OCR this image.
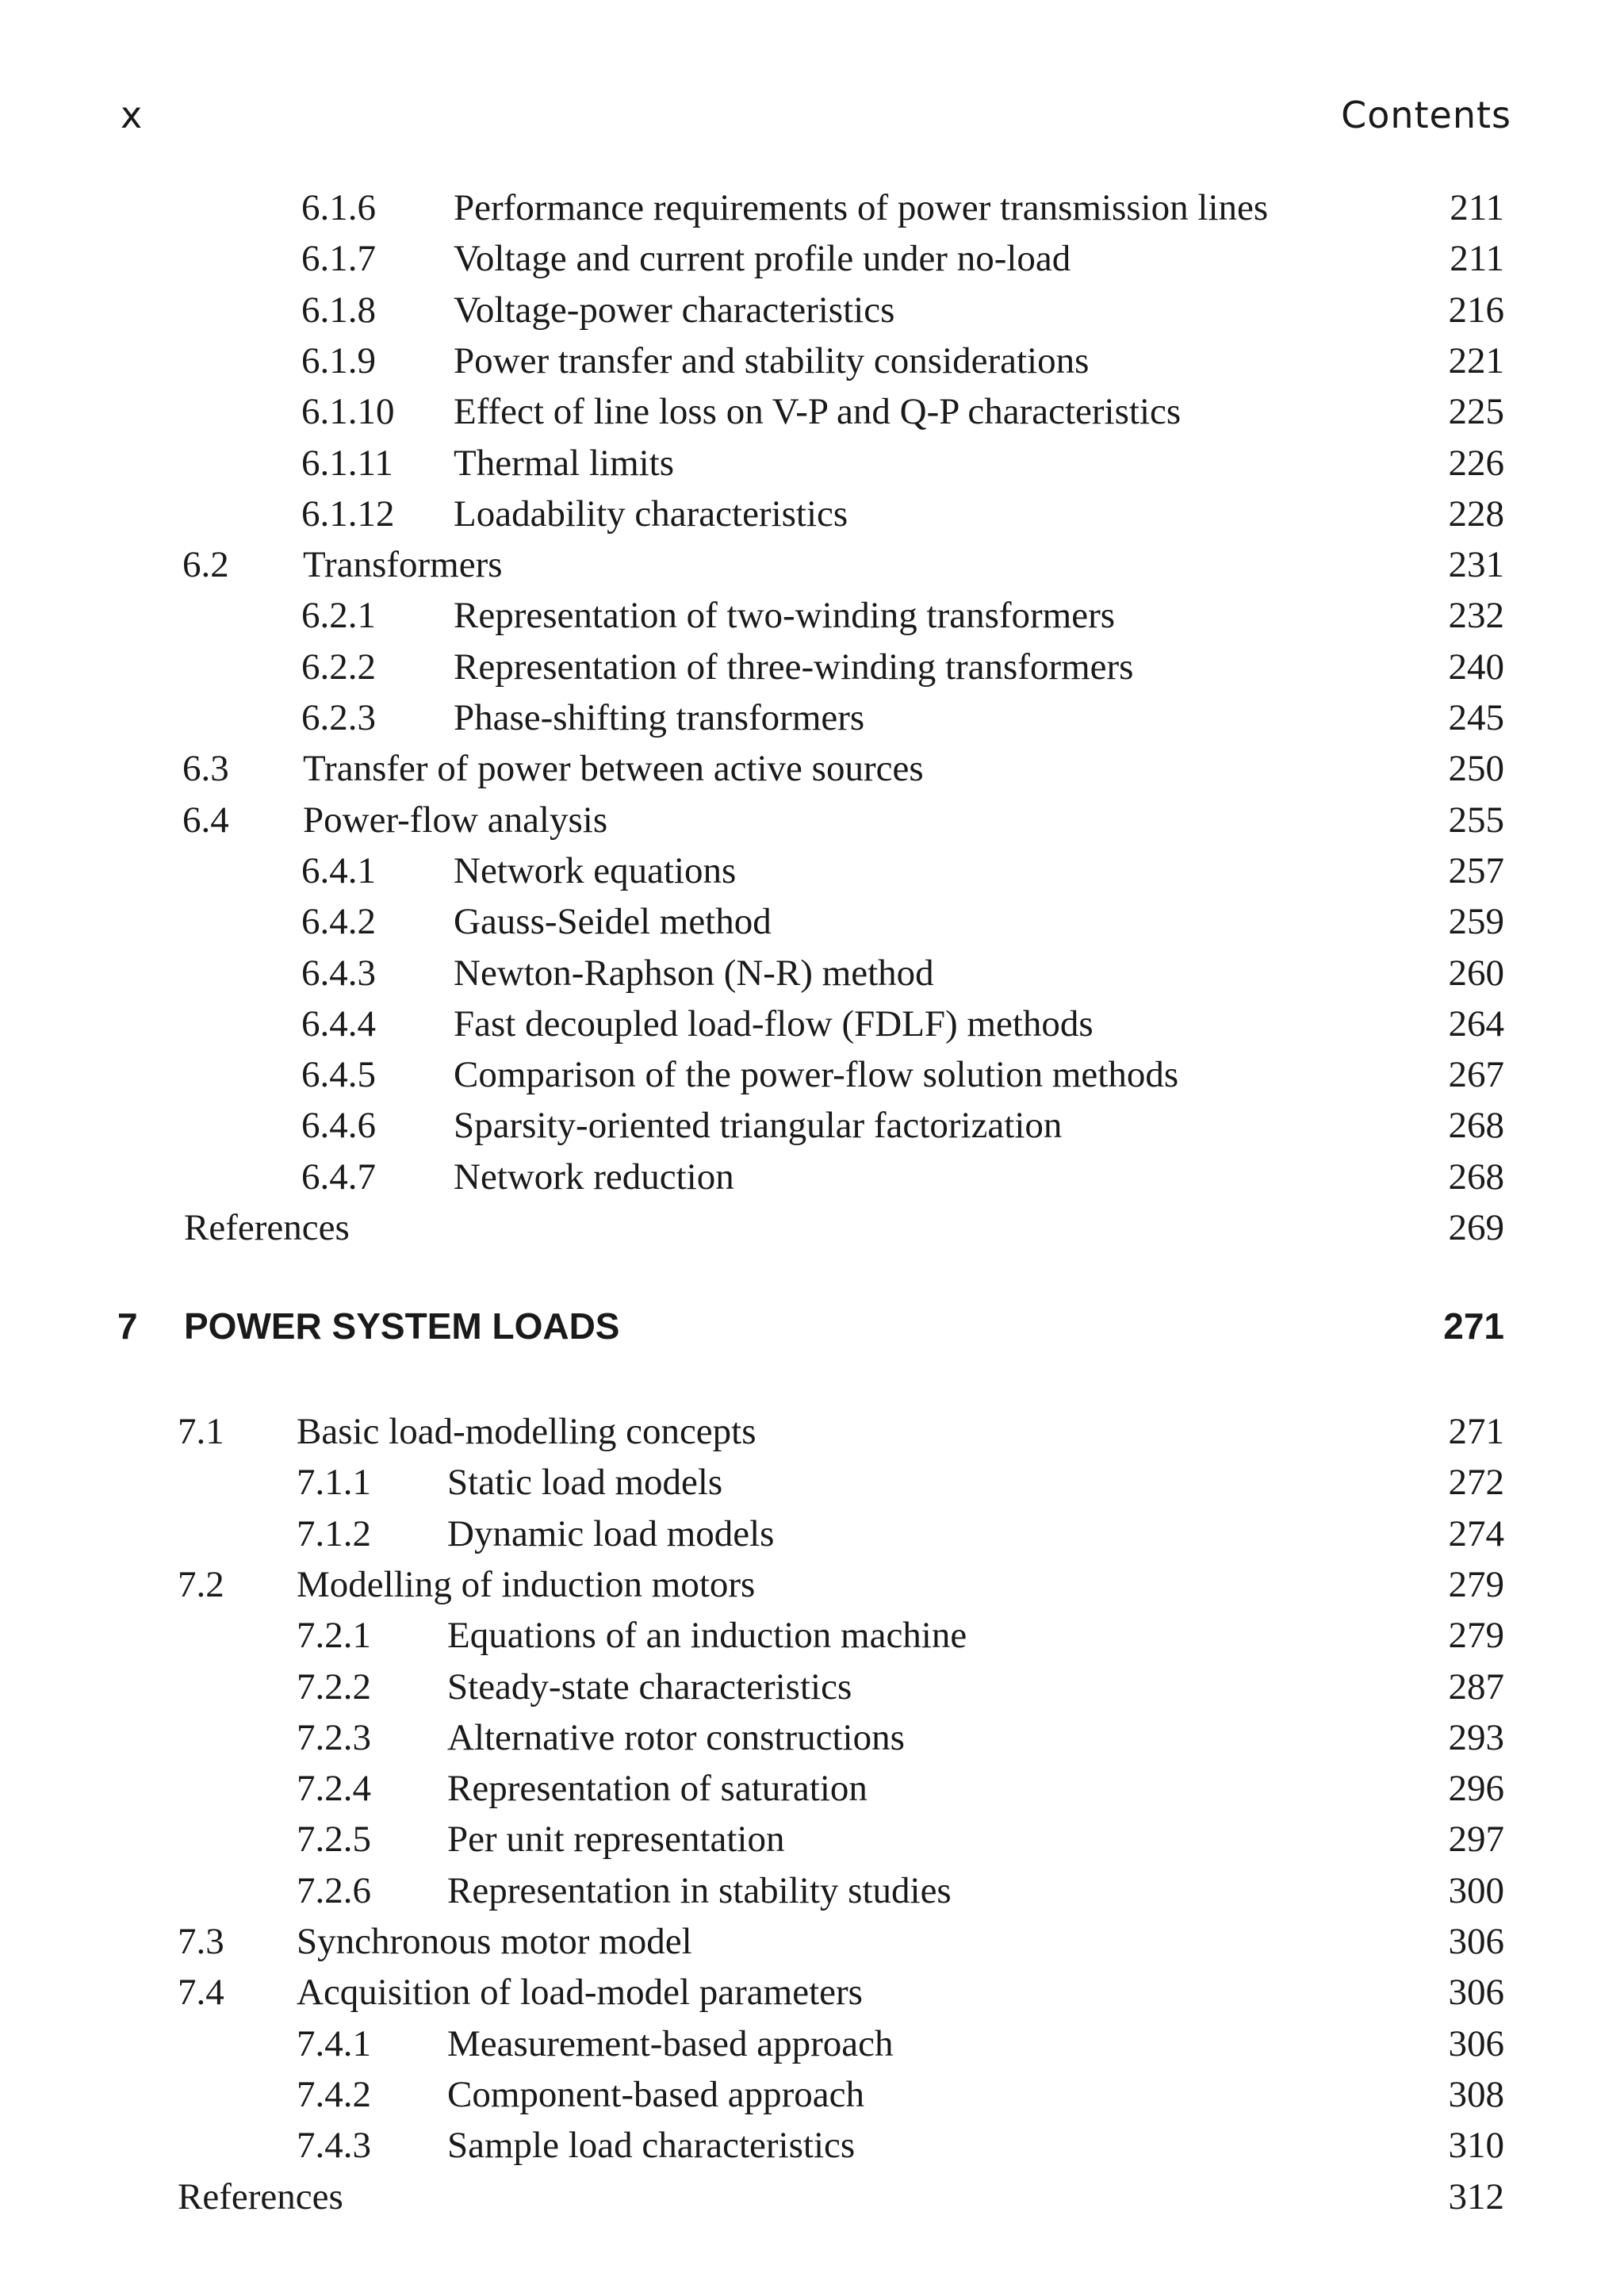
x	Contents
6.1.6 Performance requirements of power transmission lines	211
6.1.7 Voltage and current profile under no-load	211
6.1.8 Voltage-power characteristics	216
6.1.9 Power transfer and stability considerations	221
6.1.10 Effect of line loss on V-P and Q-P characteristics	225
6.1.11 Thermal limits	226
6.1.12 Loadability characteristics	228
6.2 Transformers	231
6.2.1 Representation of two-winding transformers	232
6.2.2 Representation of three-winding transformers	240
6.2.3 Phase-shifting transformers	245
6.3 Transfer of power between active sources	250
6.4 Power-flow analysis	255
6.4.1 Network equations	257
6.4.2 Gauss-Seidel method	259
6.4.3 Newton-Raphson (N-R) method	260
6.4.4 Fast decoupled load-flow (FDLF) methods	264
6.4.5 Comparison of the power-flow solution methods	267
6.4.6 Sparsity-oriented triangular factorization	268
6.4.7 Network reduction	268
References	269
7 POWER SYSTEM LOADS	271
7.1 Basic load-modelling concepts	271
7.1.1 Static load models	272
7.1.2 Dynamic load models	274
7.2 Modelling of induction motors	279
7.2.1 Equations of an induction machine	279
7.2.2 Steady-state characteristics	287
7.2.3 Alternative rotor constructions	293
7.2.4 Representation of saturation	296
7.2.5 Per unit representation	297
7.2.6 Representation in stability studies	300
7.3 Synchronous motor model	306
7.4 Acquisition of load-model parameters	306
7.4.1 Measurement-based approach	306
7.4.2 Component-based approach	308
7.4.3 Sample load characteristics	310
References	312
